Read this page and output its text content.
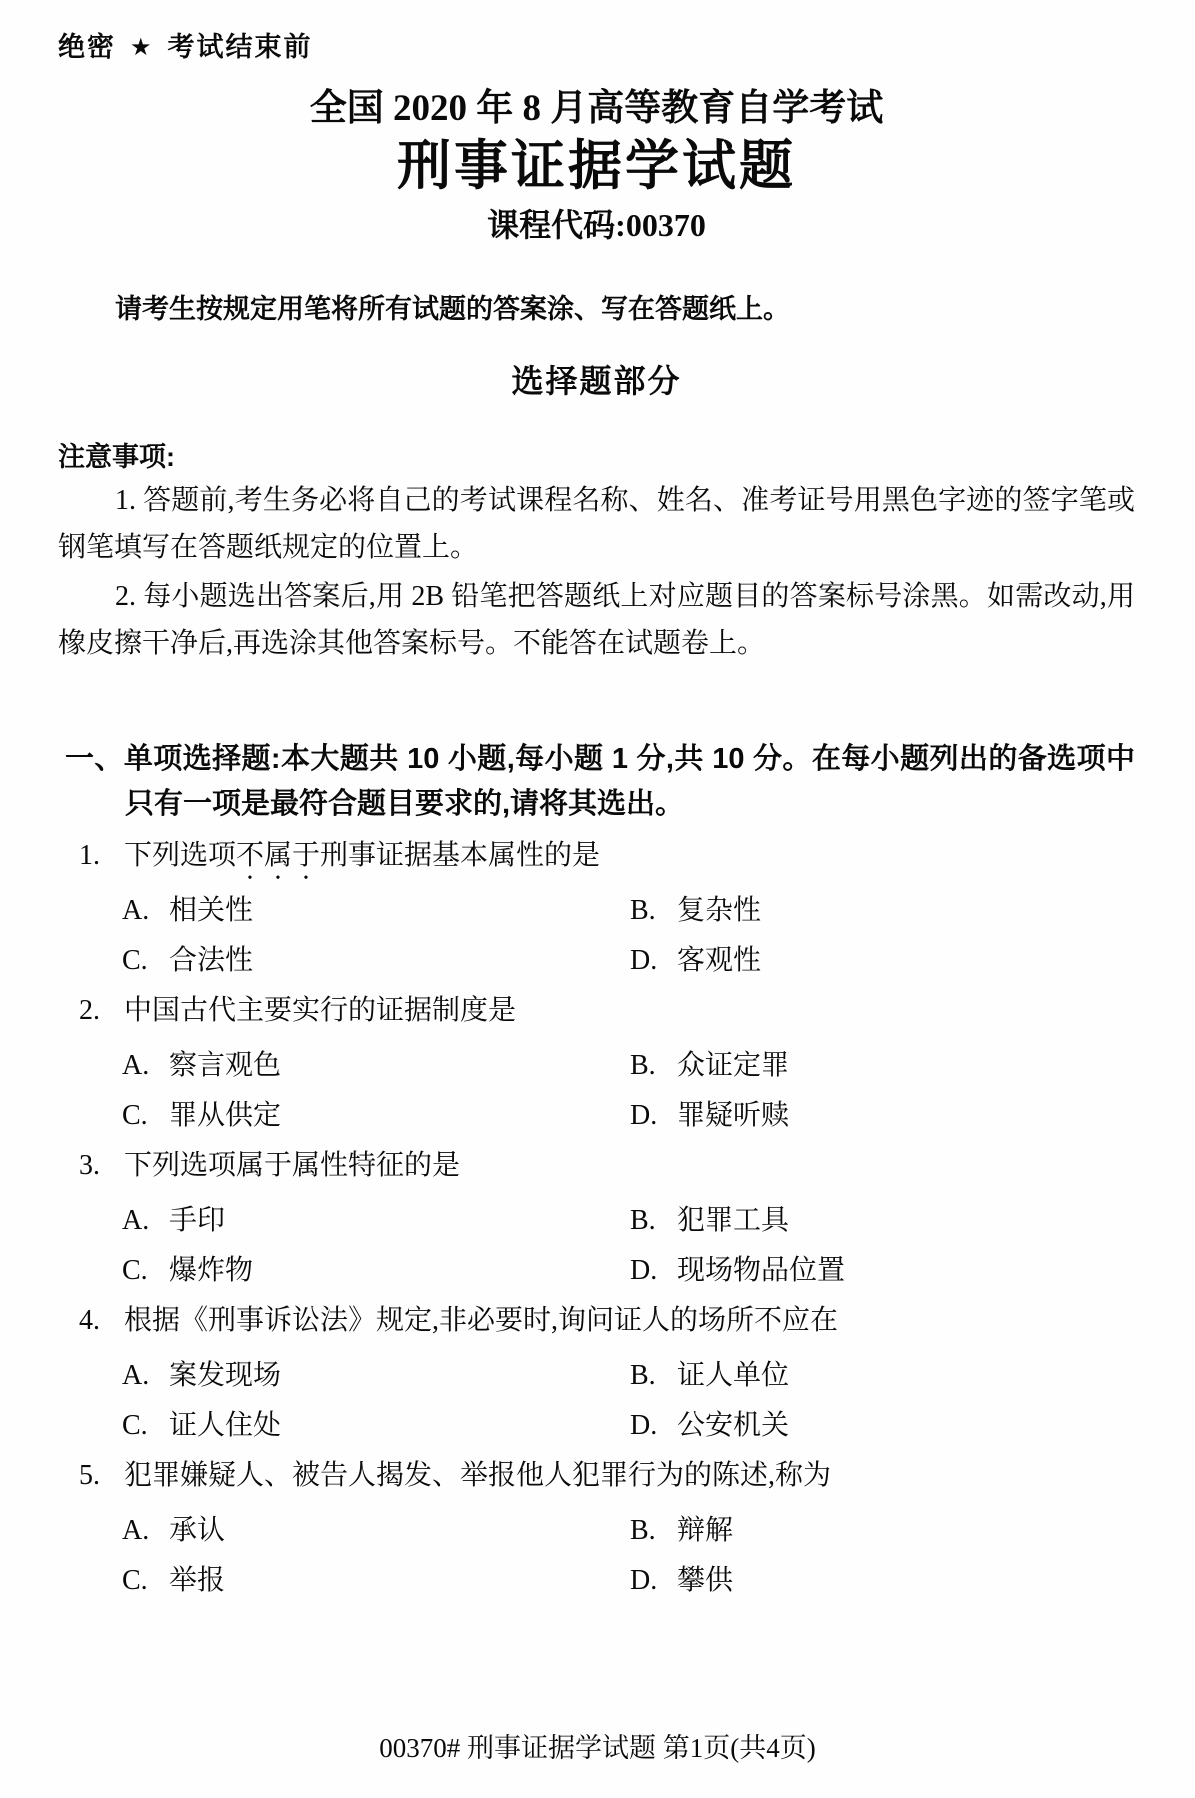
绝密 ★ 考试结束前
全国 2020 年 8 月高等教育自学考试
刑事证据学试题
课程代码:00370
请考生按规定用笔将所有试题的答案涂、写在答题纸上。
选择题部分
注意事项:

1. 答题前,考生务必将自己的考试课程名称、姓名、准考证号用黑色字迹的签字笔或钢笔填写在答题纸规定的位置上。

2. 每小题选出答案后,用 2B 铅笔把答题纸上对应题目的答案标号涂黑。如需改动,用橡皮擦干净后,再选涂其他答案标号。不能答在试题卷上。

一、单项选择题:本大题共 10 小题,每小题 1 分,共 10 分。在每小题列出的备选项中只有一项是最符合题目要求的,请将其选出。
1. 下列选项不属于刑事证据基本属性的是
A. 相关性	B. 复杂性
C. 合法性	D. 客观性
2. 中国古代主要实行的证据制度是
A. 察言观色	B. 众证定罪
C. 罪从供定	D. 罪疑听赎
3. 下列选项属于属性特征的是
A. 手印	B. 犯罪工具
C. 爆炸物	D. 现场物品位置
4. 根据《刑事诉讼法》规定,非必要时,询问证人的场所不应在
A. 案发现场	B. 证人单位
C. 证人住处	D. 公安机关
5. 犯罪嫌疑人、被告人揭发、举报他人犯罪行为的陈述,称为
A. 承认	B. 辩解
C. 举报	D. 攀供
00370# 刑事证据学试题 第1页(共4页)
